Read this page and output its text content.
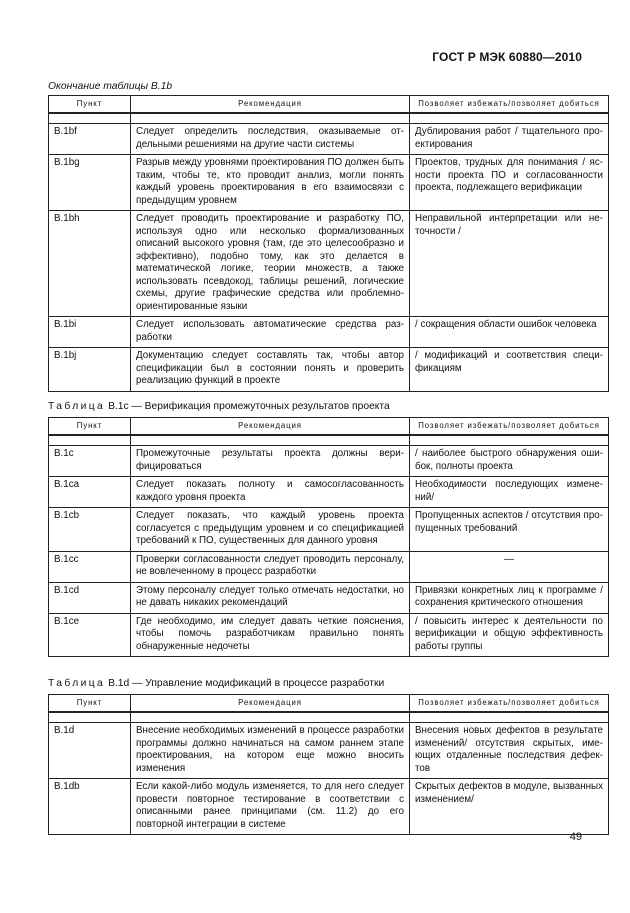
ГОСТ Р МЭК 60880—2010
Окончание таблицы В.1b
Пункт	Рекомендация	Позволяет избежать/позволяет добиться

B.1bf	Следует определить последствия, оказываемые отдельными решениями на другие части системы	Дублирования работ / тщательного проектирования
B.1bg	Разрыв между уровнями проектирования ПО должен быть таким, чтобы те, кто проводит анализ, могли понять каждый уровень проектирования в его взаимосвязи с предыдущим уровнем	Проектов, трудных для понимания / ясности проекта ПО и согласованности проекта, подлежащего верификации
B.1bh	Следует проводить проектирование и разработку ПО, используя одно или несколько формализованных описаний высокого уровня (там, где это целесообразно и эффективно), подобно тому, как это делается в математической логике, теории множеств, а также использовать псевдокод, таблицы решений, логические схемы, другие графические средства или проблемно-ориентированные языки	Неправильной интерпретации или неточности /
B.1bi	Следует использовать автоматические средства разработки	/ сокращения области ошибок человека
B.1bj	Документацию следует составлять так, чтобы автор спецификации был в состоянии понять и проверить реализацию функций в проекте	/ модификаций и соответствия спецификациям
Таблица В.1с — Верификация промежуточных результатов проекта
Пункт	Рекомендация	Позволяет избежать/позволяет добиться

B.1c	Промежуточные результаты проекта должны верифицироваться	/ наиболее быстрого обнаружения ошибок, полноты проекта
B.1ca	Следует показать полноту и самосогласованность каждого уровня проекта	Необходимости последующих изменений/
B.1cb	Следует показать, что каждый уровень проекта согласуется с предыдущим уровнем и со спецификацией требований к ПО, существенных для данного уровня	Пропущенных аспектов / отсутствия пропущенных требований
B.1cc	Проверки согласованности следует проводить персоналу, не вовлеченному в процесс разработки	—
B.1cd	Этому персоналу следует только отмечать недостатки, но не давать никаких рекомендаций	Привязки конкретных лиц к программе / сохранения критического отношения
B.1ce	Где необходимо, им следует давать четкие пояснения, чтобы помочь разработчикам правильно понять обнаруженные недочеты	/ повысить интерес к деятельности по верификации и общую эффективность работы группы
Таблица В.1d — Управление модификаций в процессе разработки
Пункт	Рекомендация	Позволяет избежать/позволяет добиться

B.1d	Внесение необходимых изменений в процессе разработки программы должно начинаться на самом раннем этапе проектирования, на котором еще можно вносить изменения	Внесения новых дефектов в результате изменений/ отсутствия скрытых, имеющих отдаленные последствия дефектов
B.1db	Если какой-либо модуль изменяется, то для него следует провести повторное тестирование в соответствии с описанными ранее принципами (см. 11.2) до его повторной интеграции в системе	Скрытых дефектов в модуле, вызванных изменением/
49
